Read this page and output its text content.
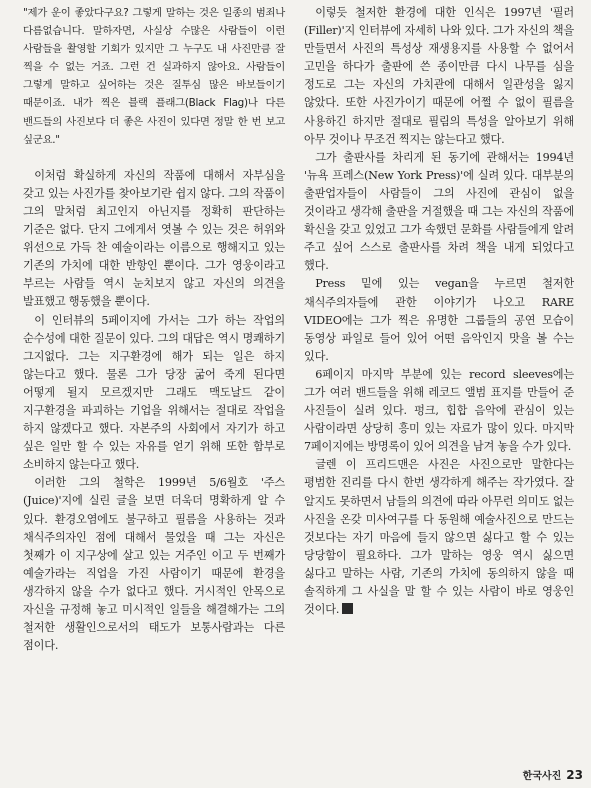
"제가 운이 좋았다구요? 그렇게 말하는 것은 일종의 범죄나 다름없습니다. 말하자면, 사실상 수많은 사람들이 이런 사람들을 촬영할 기회가 있지만 그 누구도 내 사진만큼 잘 찍을 수 없는 거죠. 그런 건 실과하지 않아요. 사람들이 그렇게 말하고 싶어하는 것은 질투심 많은 바보들이기 때문이죠. 내가 찍은 블랙 플래그(Black Flag)나 다른 밴드들의 사진보다 더 좋은 사진이 있다면 정말 한 번 보고 싶군요."

이처럼 확실하게 자신의 작품에 대해서 자부심을 갖고 있는 사진가를 찾아보기란 쉽지 않다. 그의 작품이 그의 말처럼 최고인지 아닌지를 정확히 판단하는 기준은 없다. 단지 그에게서 엿볼 수 있는 것은 허위와 위선으로 가득 찬 예술이라는 이름으로 행해지고 있는 기존의 가치에 대한 반항인 뿐이다. 그가 영웅이라고 부르는 사람들 역시 눈치보지 않고 자신의 의견을 발표했고 행동했을 뿐이다.

이 인터뷰의 5페이지에 가서는 그가 하는 작업의 순수성에 대한 질문이 있다. 그의 대답은 역시 명쾌하기 그지없다. 그는 지구환경에 해가 되는 일은 하지 않는다고 했다. 물론 그가 당장 굶어 죽게 된다면 어떻게 될지 모르겠지만 그래도 맥도날드 같이 지구환경을 파괴하는 기업을 위해서는 절대로 작업을 하지 않겠다고 했다. 자본주의 사회에서 자기가 하고 싶은 일만 할 수 있는 자유를 얻기 위해 또한 함부로 소비하지 않는다고 했다.

이러한 그의 철학은 1999년 5/6월호 '주스(Juice)'지에 실린 글을 보면 더욱더 명확하게 알 수 있다. 환경오염에도 불구하고 필름을 사용하는 것과 채식주의자인 점에 대해서 물었을 때 그는 자신은 첫째가 이 지구상에 살고 있는 거주인 이고 두 번째가 예술가라는 직업을 가진 사람이기 때문에 환경을 생각하지 않을 수가 없다고 했다. 거시적인 안목으로 자신을 규정해 놓고 미시적인 일들을 해결해가는 그의 철저한 생활인으로서의 태도가 보통사람과는 다른 점이다.

이렇듯 철저한 환경에 대한 인식은 1997년 '필러(Filler)'지 인터뷰에 자세히 나와 있다. 그가 자신의 책을 만들면서 사진의 특성상 재생용지를 사용할 수 없어서 고민을 하다가 출판에 쓴 종이만큼 다시 나무를 심을 정도로 그는 자신의 가치관에 대해서 일관성을 잃지 않았다. 또한 사진가이기 때문에 어쩔 수 없이 필름을 사용하긴 하지만 절대로 필림의 특성을 알아보기 위해 아무 것이나 무조건 찍지는 않는다고 했다.

그가 출판사를 차리게 된 동기에 관해서는 1994년 '뉴욕 프레스(New York Press)'에 실려 있다. 대부분의 출판업자들이 사람들이 그의 사진에 관심이 없을 것이라고 생각해 출판을 거절했을 때 그는 자신의 작품에 확신을 갖고 있었고 그가 속했던 문화를 사람들에게 알려 주고 싶어 스스로 출판사를 차려 책을 내게 되었다고 했다.

Press 밑에 있는 vegan을 누르면 철저한 채식주의자들에 관한 이야기가 나오고 RARE VIDEO에는 그가 찍은 유명한 그룹들의 공연 모습이 동영상 파일로 들어 있어 어떤 음악인지 맛을 볼 수는 있다.

6페이지 마지막 부분에 있는 record sleeves에는 그가 여러 밴드들을 위해 레코드 앨범 표지를 만들어 준 사진들이 실려 있다. 펑크, 힙합 음악에 관심이 있는 사람이라면 상당히 흥미 있는 자료가 많이 있다. 마지막 7페이지에는 방명록이 있어 의견을 남겨 놓을 수가 있다.

글렌 이 프리드맨은 사진은 사진으로만 말한다는 평범한 진리를 다시 한번 생각하게 해주는 작가였다. 잘 알지도 못하면서 남들의 의견에 따라 아무런 의미도 없는 사진을 온갖 미사여구를 다 동원해 예술사진으로 만드는 것보다는 자기 마음에 들지 않으면 싫다고 할 수 있는 당당함이 필요하다. 그가 말하는 영웅 역시 싫으면 싫다고 말하는 사람, 기존의 가치에 동의하지 않을 때 솔직하게 그 사실을 말 할 수 있는 사람이 바로 영웅인 것이다.

한국사진 23
